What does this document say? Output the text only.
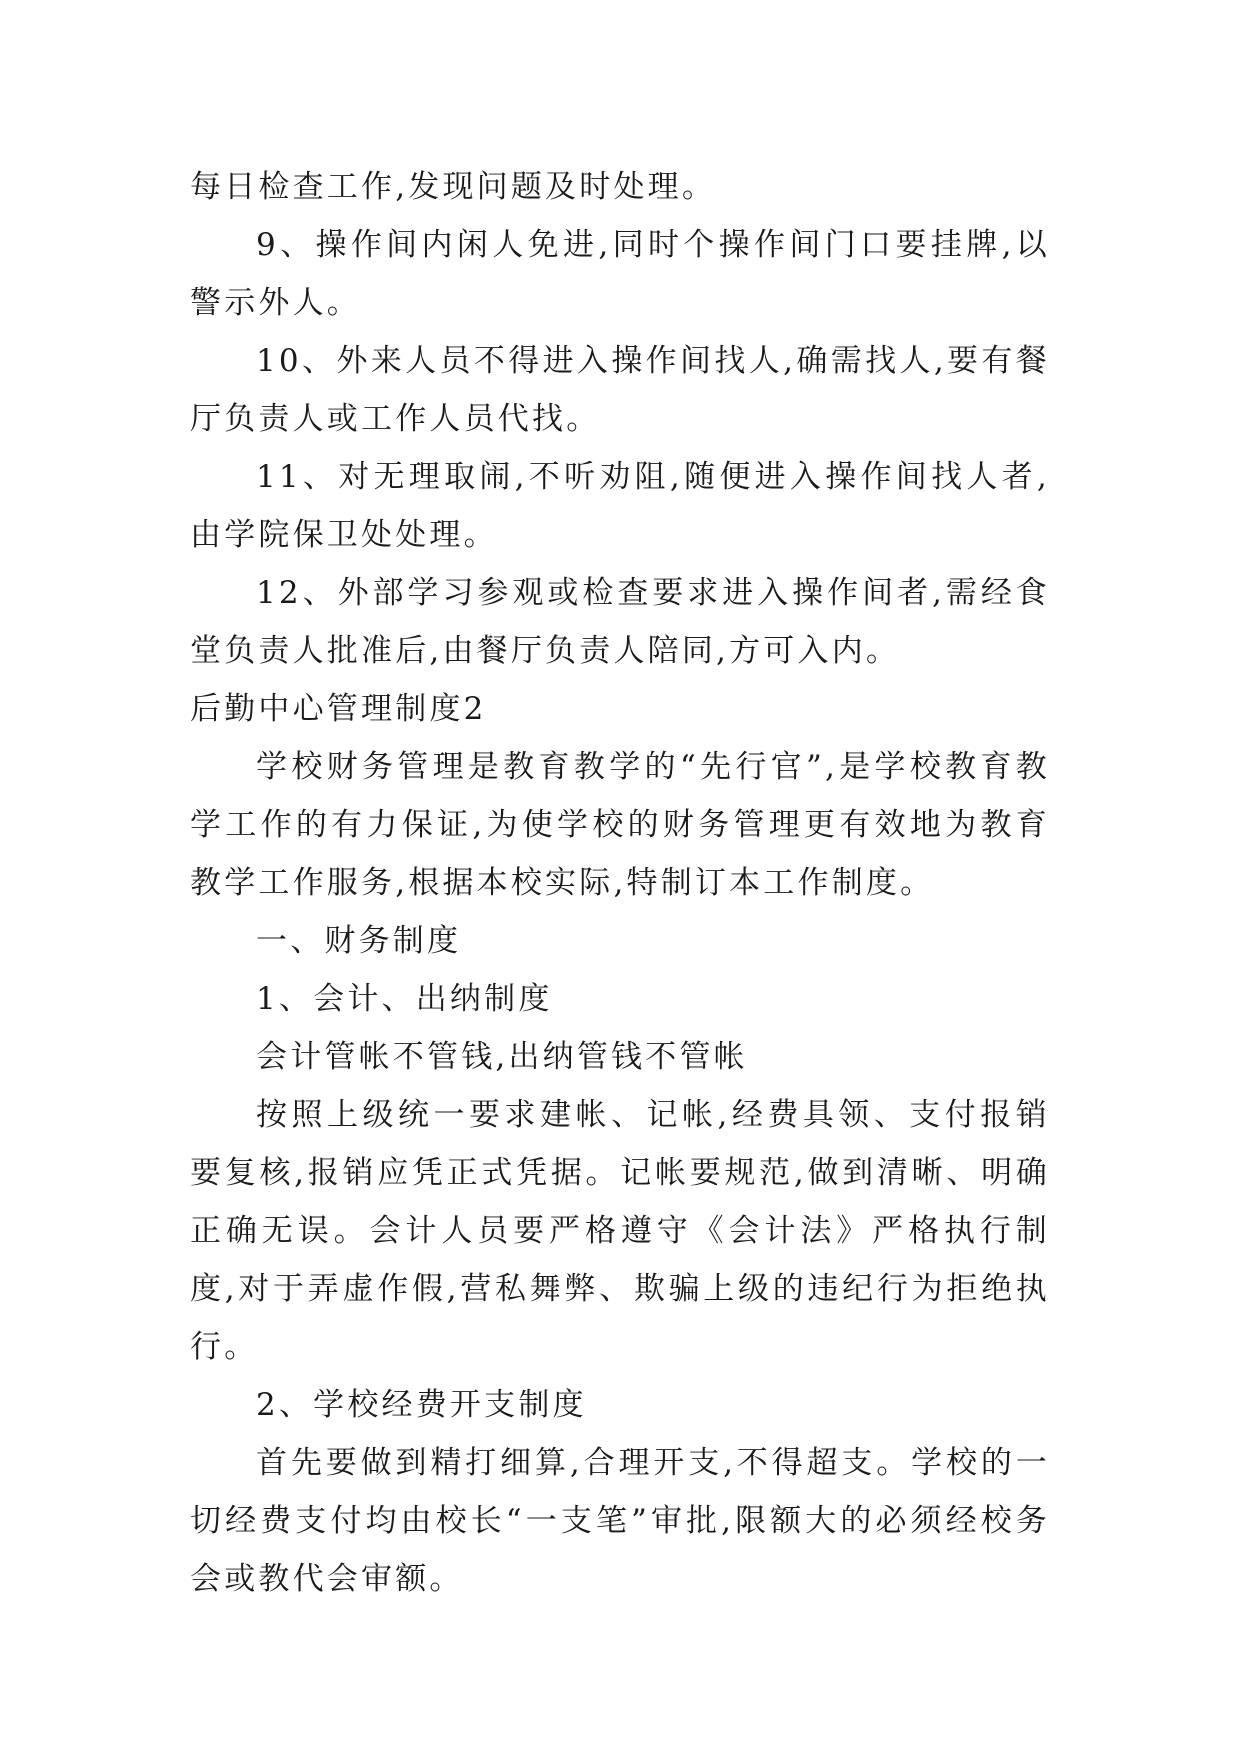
每日检查工作,发现问题及时处理。

9、操作间内闲人免进,同时个操作间门口要挂牌,以警示外人。

10、外来人员不得进入操作间找人,确需找人,要有餐厅负责人或工作人员代找。

11、对无理取闹,不听劝阻,随便进入操作间找人者,由学院保卫处处理。

12、外部学习参观或检查要求进入操作间者,需经食堂负责人批准后,由餐厅负责人陪同,方可入内。

后勤中心管理制度2

学校财务管理是教育教学的“先行官”,是学校教育教学工作的有力保证,为使学校的财务管理更有效地为教育教学工作服务,根据本校实际,特制订本工作制度。

一、财务制度

1、会计、出纳制度

会计管帐不管钱,出纳管钱不管帐

按照上级统一要求建帐、记帐,经费具领、支付报销要复核,报销应凭正式凭据。记帐要规范,做到清晰、明确正确无误。会计人员要严格遵守《会计法》严格执行制度,对于弄虚作假,营私舞弊、欺骗上级的违纪行为拒绝执行。

2、学校经费开支制度

首先要做到精打细算,合理开支,不得超支。学校的一切经费支付均由校长“一支笔”审批,限额大的必须经校务会或教代会审额。
